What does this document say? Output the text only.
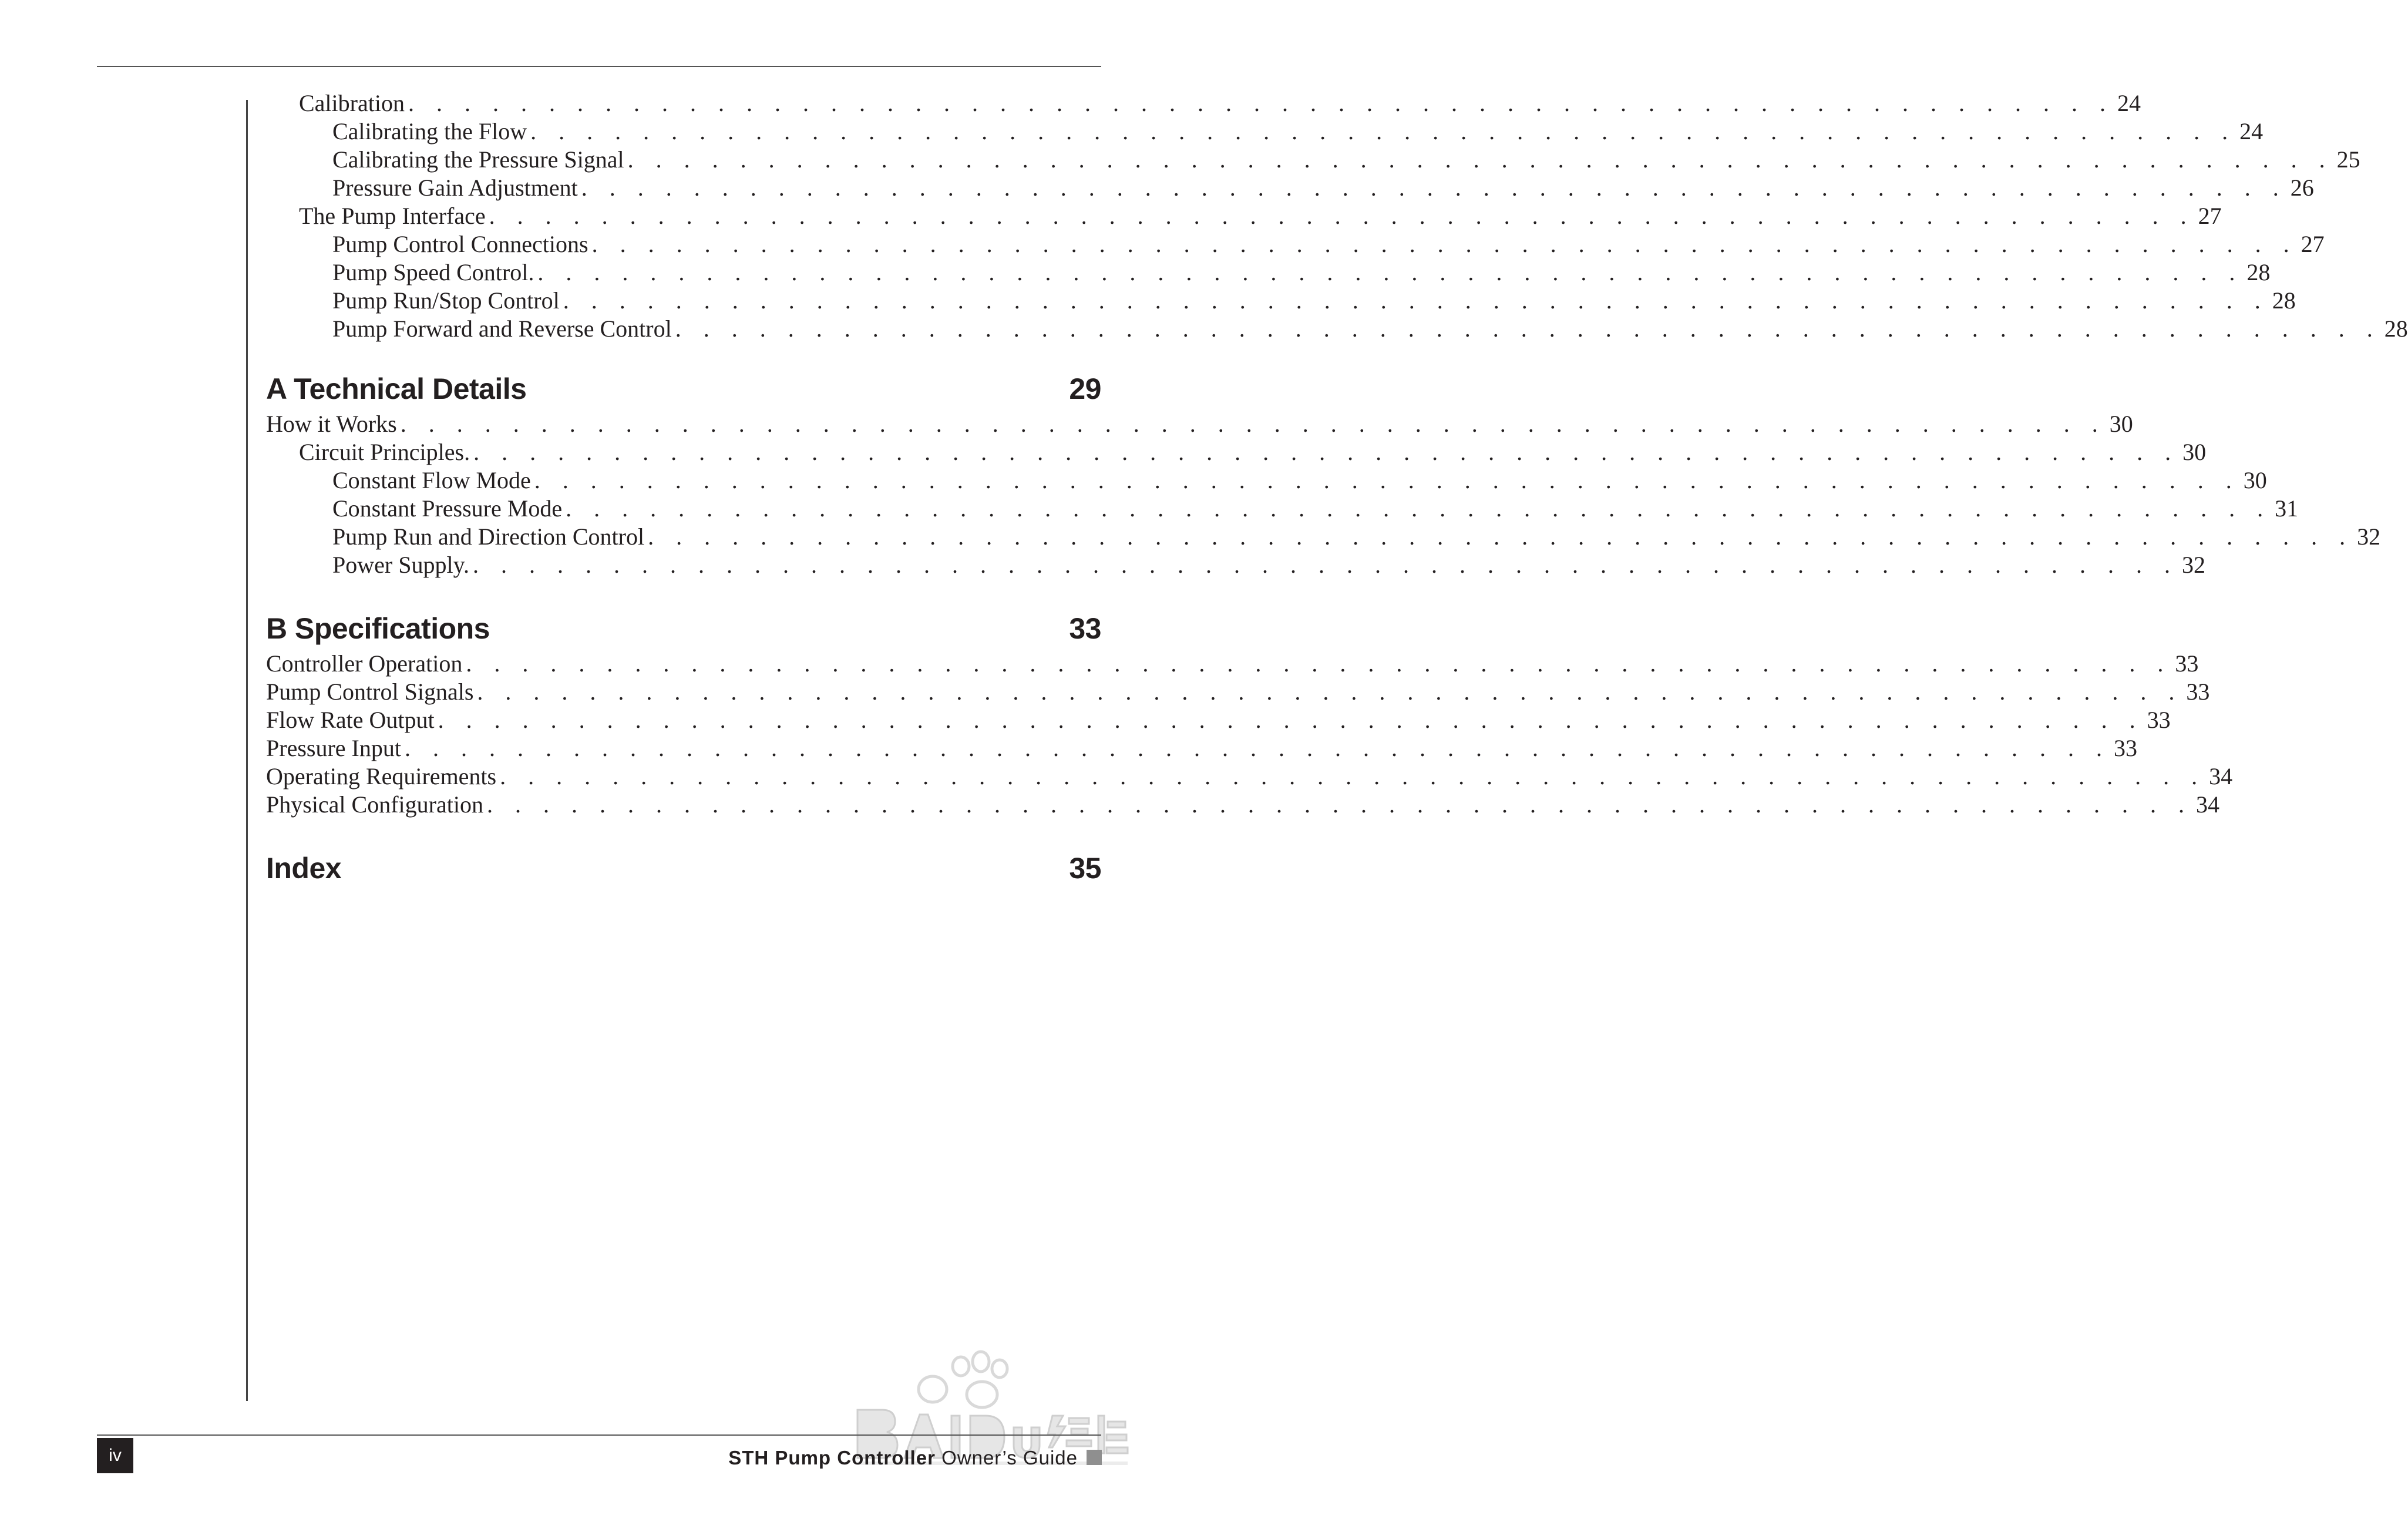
Calibration . . . . . . . . . . . . . . . . . . . . . . . . . . . . . . . . . . . . . . . . . . . . . . . . . . . . . . . . . . . . . 24
Calibrating the Flow . . . . . . . . . . . . . . . . . . . . . . . . . . . . . . . . . . . . . . . . . . . . . . . . . . . . . . . . . . . . . 24
Calibrating the Pressure Signal . . . . . . . . . . . . . . . . . . . . . . . . . . . . . . . . . . . . . . . . . . . . . . . . . . . . . . . . . . . . . 25
Pressure Gain Adjustment . . . . . . . . . . . . . . . . . . . . . . . . . . . . . . . . . . . . . . . . . . . . . . . . . . . . . . . . . . . . . 26
The Pump Interface . . . . . . . . . . . . . . . . . . . . . . . . . . . . . . . . . . . . . . . . . . . . . . . . . . . . . . . . . . . . . 27
Pump Control Connections . . . . . . . . . . . . . . . . . . . . . . . . . . . . . . . . . . . . . . . . . . . . . . . . . . . . . . . . . . . . . 27
Pump Speed Control. . . . . . . . . . . . . . . . . . . . . . . . . . . . . . . . . . . . . . . . . . . . . . . . . . . . . . . . . . . . . . 28
Pump Run/Stop Control . . . . . . . . . . . . . . . . . . . . . . . . . . . . . . . . . . . . . . . . . . . . . . . . . . . . . . . . . . . . . 28
Pump Forward and Reverse Control . . . . . . . . . . . . . . . . . . . . . . . . . . . . . . . . . . . . . . . . . . . . . . . . . . . . . . . . . . . . . 28
A Technical Details	29
How it Works . . . . . . . . . . . . . . . . . . . . . . . . . . . . . . . . . . . . . . . . . . . . . . . . . . . . . . . . . . . . . 30
Circuit Principles. . . . . . . . . . . . . . . . . . . . . . . . . . . . . . . . . . . . . . . . . . . . . . . . . . . . . . . . . . . . . . 30
Constant Flow Mode . . . . . . . . . . . . . . . . . . . . . . . . . . . . . . . . . . . . . . . . . . . . . . . . . . . . . . . . . . . . . 30
Constant Pressure Mode . . . . . . . . . . . . . . . . . . . . . . . . . . . . . . . . . . . . . . . . . . . . . . . . . . . . . . . . . . . . . 31
Pump Run and Direction Control . . . . . . . . . . . . . . . . . . . . . . . . . . . . . . . . . . . . . . . . . . . . . . . . . . . . . . . . . . . . . 32
Power Supply. . . . . . . . . . . . . . . . . . . . . . . . . . . . . . . . . . . . . . . . . . . . . . . . . . . . . . . . . . . . . . 32
B Specifications	33
Controller Operation . . . . . . . . . . . . . . . . . . . . . . . . . . . . . . . . . . . . . . . . . . . . . . . . . . . . . . . . . . . . . 33
Pump Control Signals . . . . . . . . . . . . . . . . . . . . . . . . . . . . . . . . . . . . . . . . . . . . . . . . . . . . . . . . . . . . . 33
Flow Rate Output . . . . . . . . . . . . . . . . . . . . . . . . . . . . . . . . . . . . . . . . . . . . . . . . . . . . . . . . . . . . . 33
Pressure Input . . . . . . . . . . . . . . . . . . . . . . . . . . . . . . . . . . . . . . . . . . . . . . . . . . . . . . . . . . . . . 33
Operating Requirements . . . . . . . . . . . . . . . . . . . . . . . . . . . . . . . . . . . . . . . . . . . . . . . . . . . . . . . . . . . . . 34
Physical Configuration . . . . . . . . . . . . . . . . . . . . . . . . . . . . . . . . . . . . . . . . . . . . . . . . . . . . . . . . . . . . . 34
Index	35
iv	STH Pump Controller Owner’s Guide
